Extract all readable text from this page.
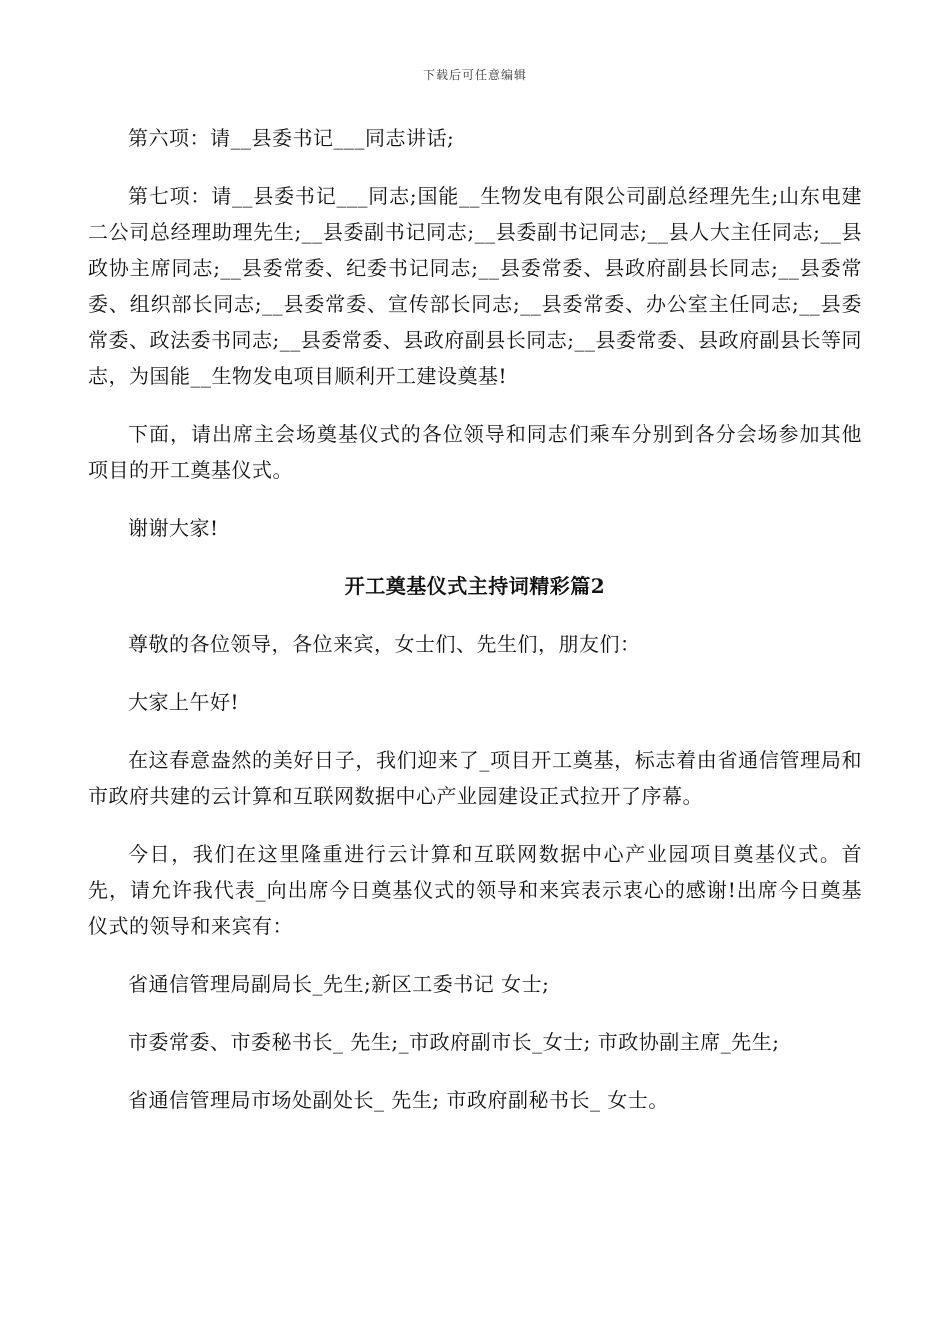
下载后可任意编辑

第六项：请__县委书记___同志讲话;

第七项：请__县委书记___同志;国能__生物发电有限公司副总经理先生;山东电建二公司总经理助理先生;__县委副书记同志;__县委副书记同志;__县人大主任同志;__县政协主席同志;__县委常委、纪委书记同志;__县委常委、县政府副县长同志;__县委常委、组织部长同志;__县委常委、宣传部长同志;__县委常委、办公室主任同志;__县委常委、政法委书同志;__县委常委、县政府副县长同志;__县委常委、县政府副县长等同志，为国能__生物发电项目顺利开工建设奠基!

下面，请出席主会场奠基仪式的各位领导和同志们乘车分别到各分会场参加其他项目的开工奠基仪式。

谢谢大家!

开工奠基仪式主持词精彩篇2

尊敬的各位领导，各位来宾，女士们、先生们，朋友们：

大家上午好!

在这春意盎然的美好日子，我们迎来了_项目开工奠基，标志着由省通信管理局和市政府共建的云计算和互联网数据中心产业园建设正式拉开了序幕。

今日，我们在这里隆重进行云计算和互联网数据中心产业园项目奠基仪式。首先，请允许我代表_向出席今日奠基仪式的领导和来宾表示衷心的感谢!出席今日奠基仪式的领导和来宾有：

省通信管理局副局长_先生;新区工委书记 女士;

市委常委、市委秘书长_ 先生;_市政府副市长_女士; 市政协副主席_先生;

省通信管理局市场处副处长_ 先生; 市政府副秘书长_ 女士。
